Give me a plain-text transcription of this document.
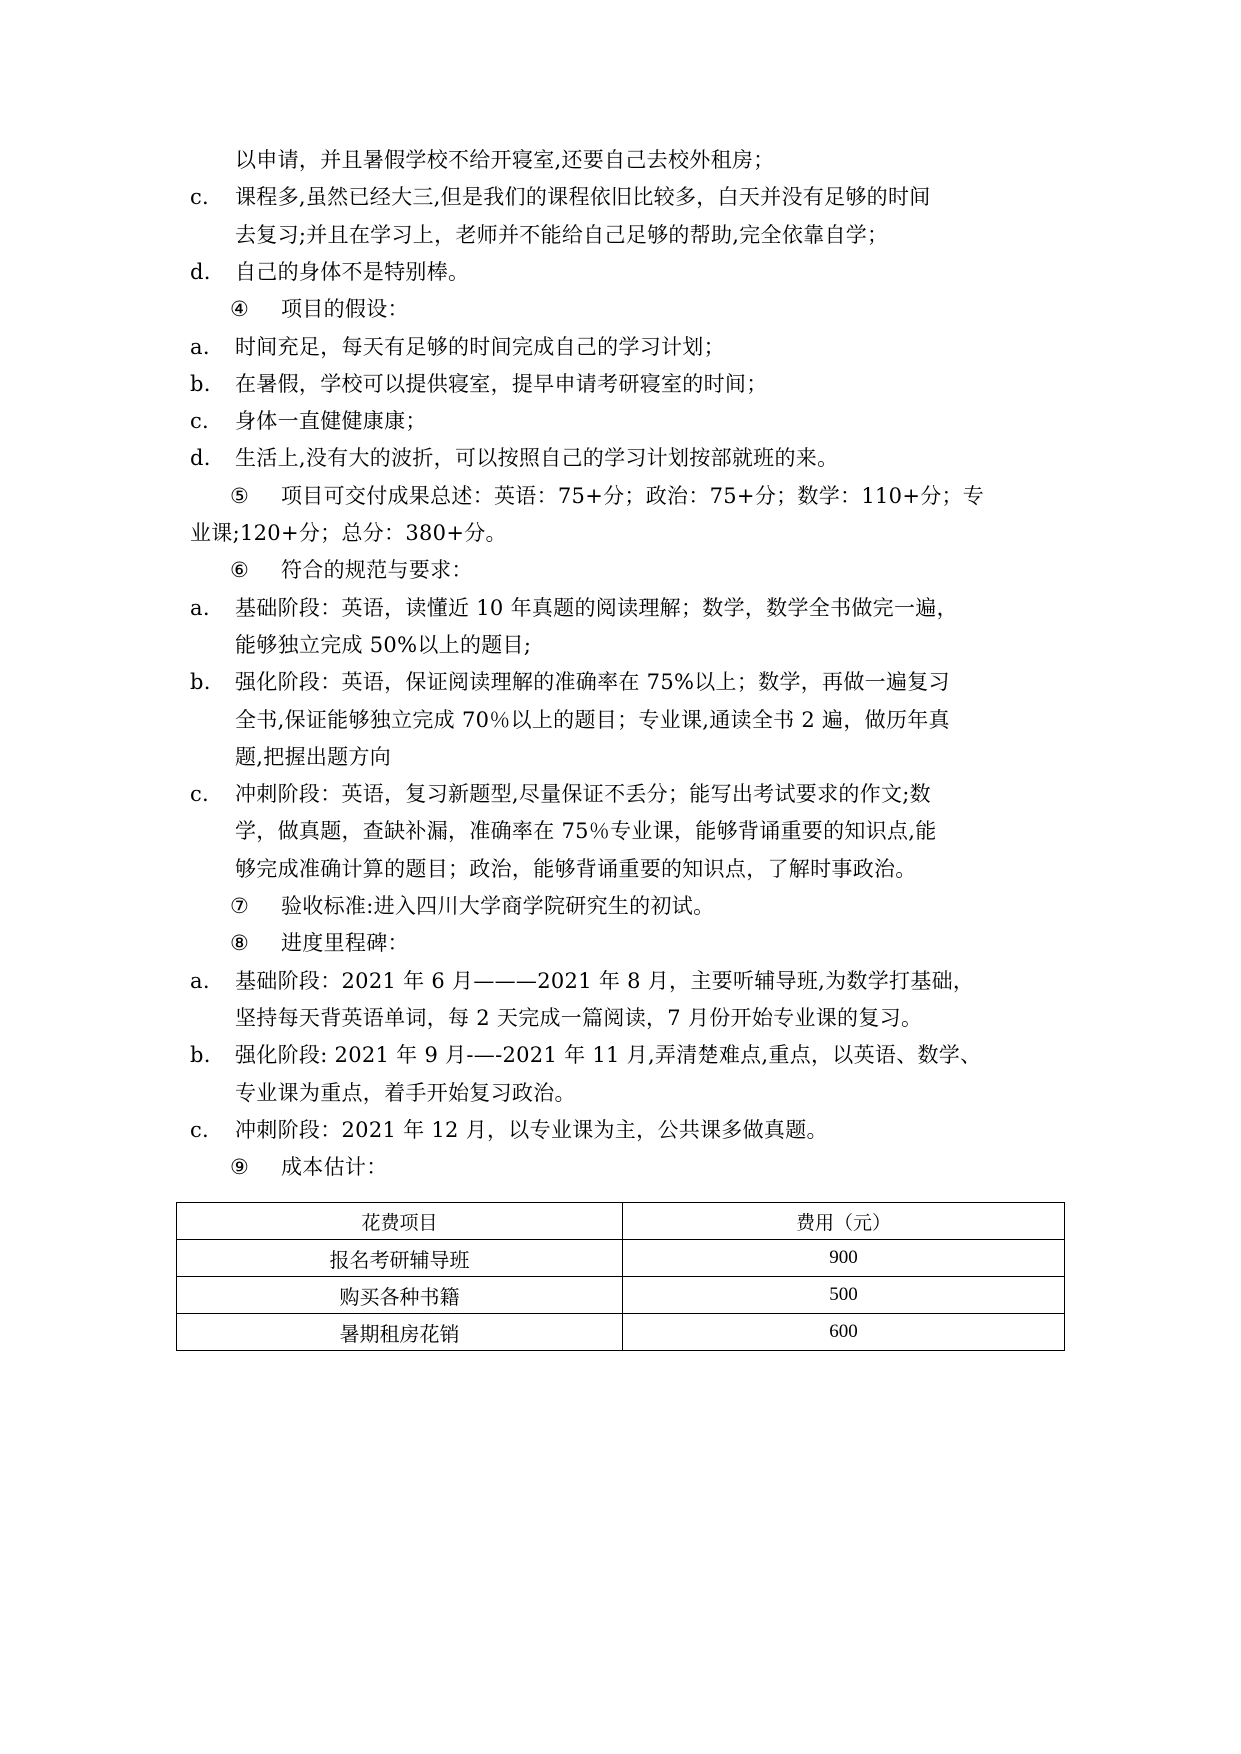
以申请，并且暑假学校不给开寝室,还要自己去校外租房；
c. 课程多,虽然已经大三,但是我们的课程依旧比较多，白天并没有足够的时间
去复习;并且在学习上，老师并不能给自己足够的帮助,完全依靠自学；
d. 自己的身体不是特别棒。
④ 项目的假设：
a. 时间充足，每天有足够的时间完成自己的学习计划；
b. 在暑假，学校可以提供寝室，提早申请考研寝室的时间；
c. 身体一直健健康康；
d. 生活上,没有大的波折，可以按照自己的学习计划按部就班的来。
⑤ 项目可交付成果总述：英语：75+分；政治：75+分；数学：110+分；专
业课;120+分；总分：380+分。
⑥ 符合的规范与要求：
a. 基础阶段：英语，读懂近 10 年真题的阅读理解；数学，数学全书做完一遍，
能够独立完成 50%以上的题目;
b. 强化阶段：英语，保证阅读理解的准确率在 75%以上；数学，再做一遍复习
全书,保证能够独立完成 70％以上的题目；专业课,通读全书 2 遍，做历年真
题,把握出题方向
c. 冲刺阶段：英语，复习新题型,尽量保证不丢分；能写出考试要求的作文;数
学，做真题，查缺补漏，准确率在 75％专业课，能够背诵重要的知识点,能
够完成准确计算的题目；政治，能够背诵重要的知识点，了解时事政治。
⑦ 验收标准:进入四川大学商学院研究生的初试。
⑧ 进度里程碑：
a. 基础阶段：2021 年 6 月———2021 年 8 月，主要听辅导班,为数学打基础，
坚持每天背英语单词，每 2 天完成一篇阅读，7 月份开始专业课的复习。
b. 强化阶段: 2021 年 9 月-—-2021 年 11 月,弄清楚难点,重点，以英语、数学、
专业课为重点，着手开始复习政治。
c. 冲刺阶段：2021 年 12 月，以专业课为主，公共课多做真题。
⑨ 成本估计：
花费项目	费用（元）
报名考研辅导班	900
购买各种书籍	500
暑期租房花销	600
